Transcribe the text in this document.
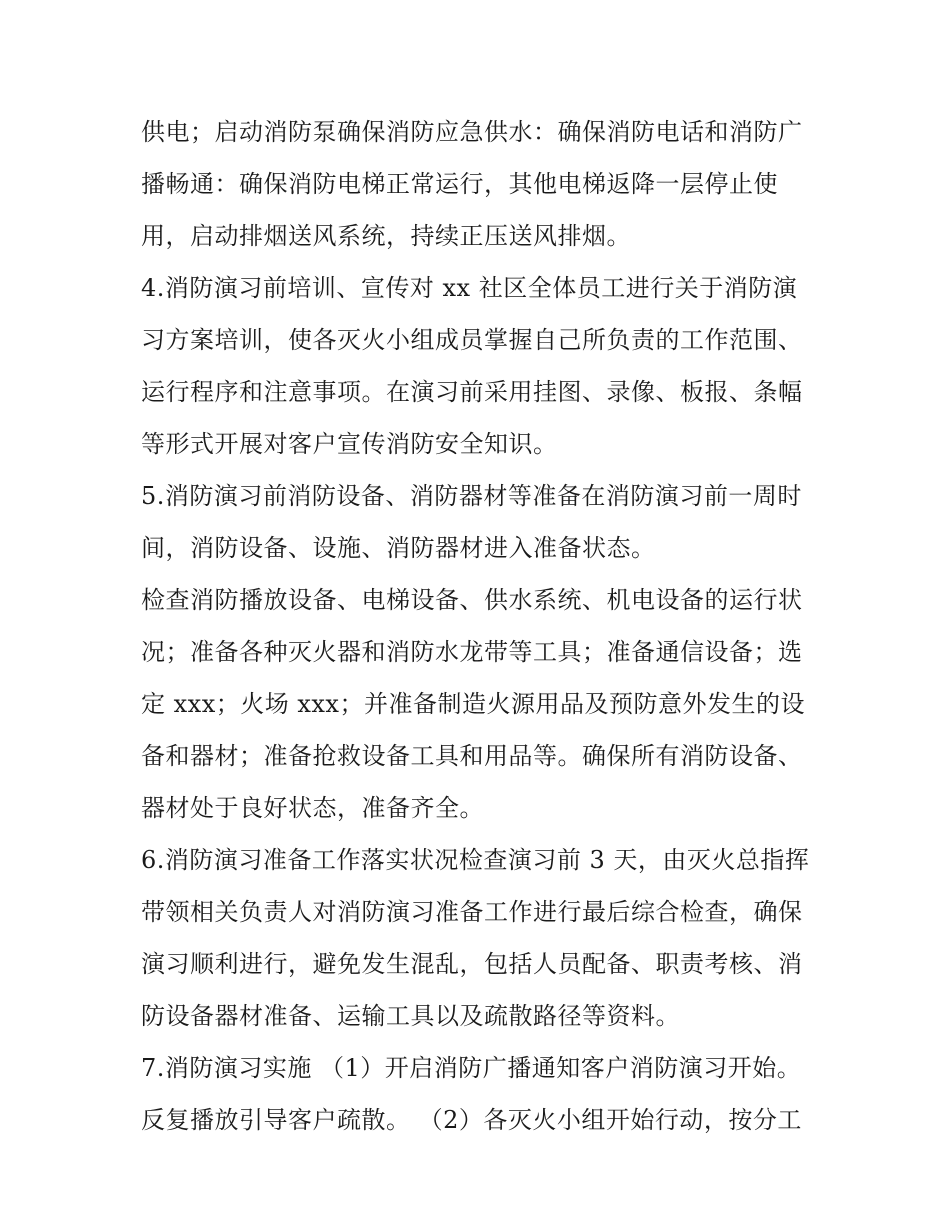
供电；启动消防泵确保消防应急供水：确保消防电话和消防广
播畅通：确保消防电梯正常运行，其他电梯返降一层停止使
用，启动排烟送风系统，持续正压送风排烟。
4.消防演习前培训、宣传对 xx 社区全体员工进行关于消防演
习方案培训，使各灭火小组成员掌握自己所负责的工作范围、
运行程序和注意事项。在演习前采用挂图、录像、板报、条幅
等形式开展对客户宣传消防安全知识。
5.消防演习前消防设备、消防器材等准备在消防演习前一周时
间，消防设备、设施、消防器材进入准备状态。
检查消防播放设备、电梯设备、供水系统、机电设备的运行状
况；准备各种灭火器和消防水龙带等工具；准备通信设备；选
定 xxx；火场 xxx；并准备制造火源用品及预防意外发生的设
备和器材；准备抢救设备工具和用品等。确保所有消防设备、
器材处于良好状态，准备齐全。
6.消防演习准备工作落实状况检查演习前 3 天，由灭火总指挥
带领相关负责人对消防演习准备工作进行最后综合检查，确保
演习顺利进行，避免发生混乱，包括人员配备、职责考核、消
防设备器材准备、运输工具以及疏散路径等资料。
7.消防演习实施 （1）开启消防广播通知客户消防演习开始。
反复播放引导客户疏散。 （2）各灭火小组开始行动，按分工
